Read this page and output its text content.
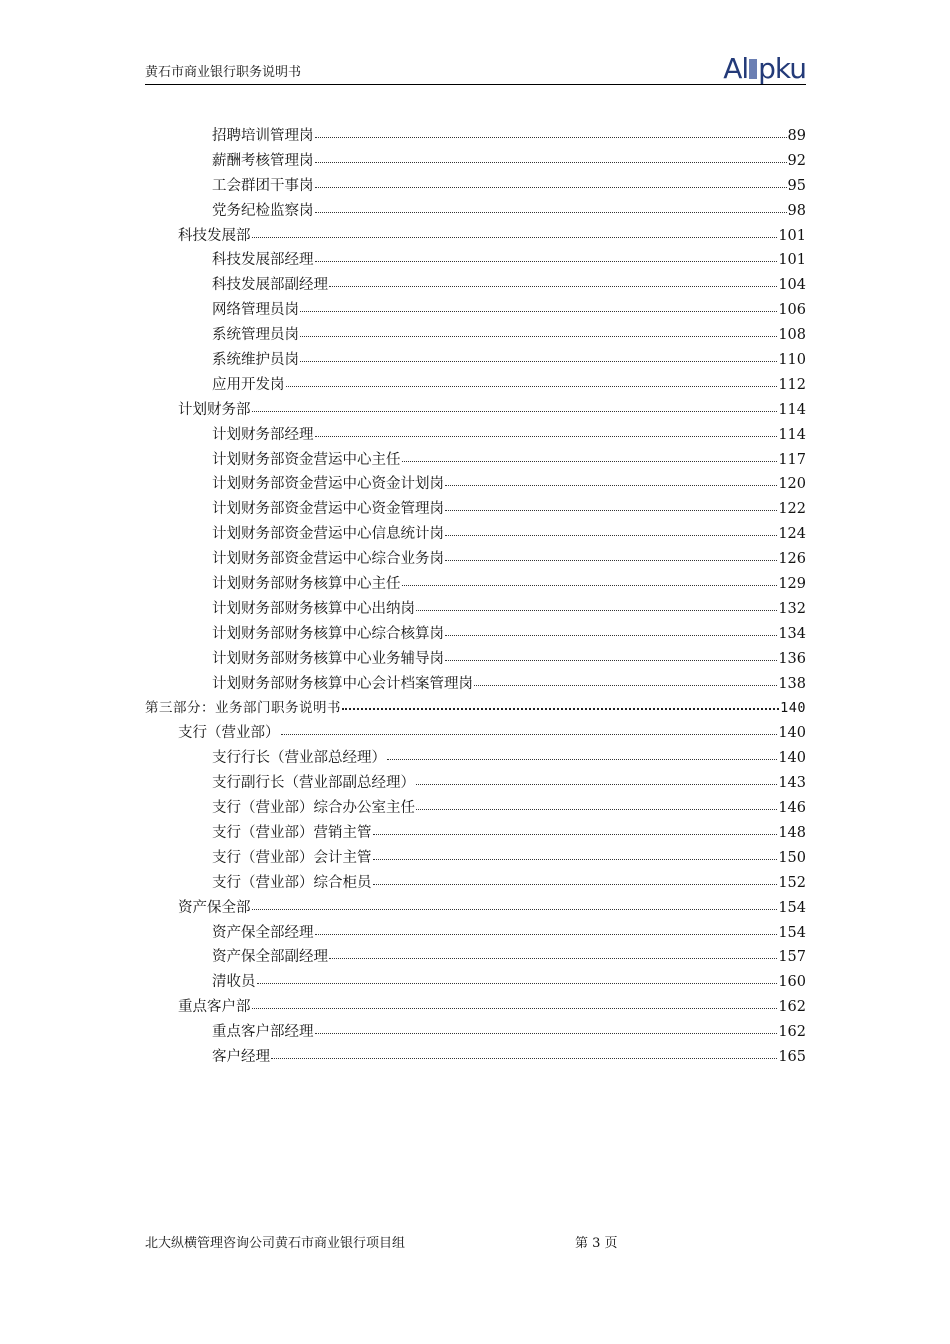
黄石市商业银行职务说明书	Al pku
招聘培训管理岗	89
薪酬考核管理岗	92
工会群团干事岗	95
党务纪检监察岗	98
科技发展部	101
科技发展部经理	101
科技发展部副经理	104
网络管理员岗	106
系统管理员岗	108
系统维护员岗	110
应用开发岗	112
计划财务部	114
计划财务部经理	114
计划财务部资金营运中心主任	117
计划财务部资金营运中心资金计划岗	120
计划财务部资金营运中心资金管理岗	122
计划财务部资金营运中心信息统计岗	124
计划财务部资金营运中心综合业务岗	126
计划财务部财务核算中心主任	129
计划财务部财务核算中心出纳岗	132
计划财务部财务核算中心综合核算岗	134
计划财务部财务核算中心业务辅导岗	136
计划财务部财务核算中心会计档案管理岗	138
第三部分：业务部门职务说明书	140
支行（营业部）	140
支行行长（营业部总经理）	140
支行副行长（营业部副总经理）	143
支行（营业部）综合办公室主任	146
支行（营业部）营销主管	148
支行（营业部）会计主管	150
支行（营业部）综合柜员	152
资产保全部	154
资产保全部经理	154
资产保全部副经理	157
清收员	160
重点客户部	162
重点客户部经理	162
客户经理	165
北大纵横管理咨询公司黄石市商业银行项目组	第 3 页
